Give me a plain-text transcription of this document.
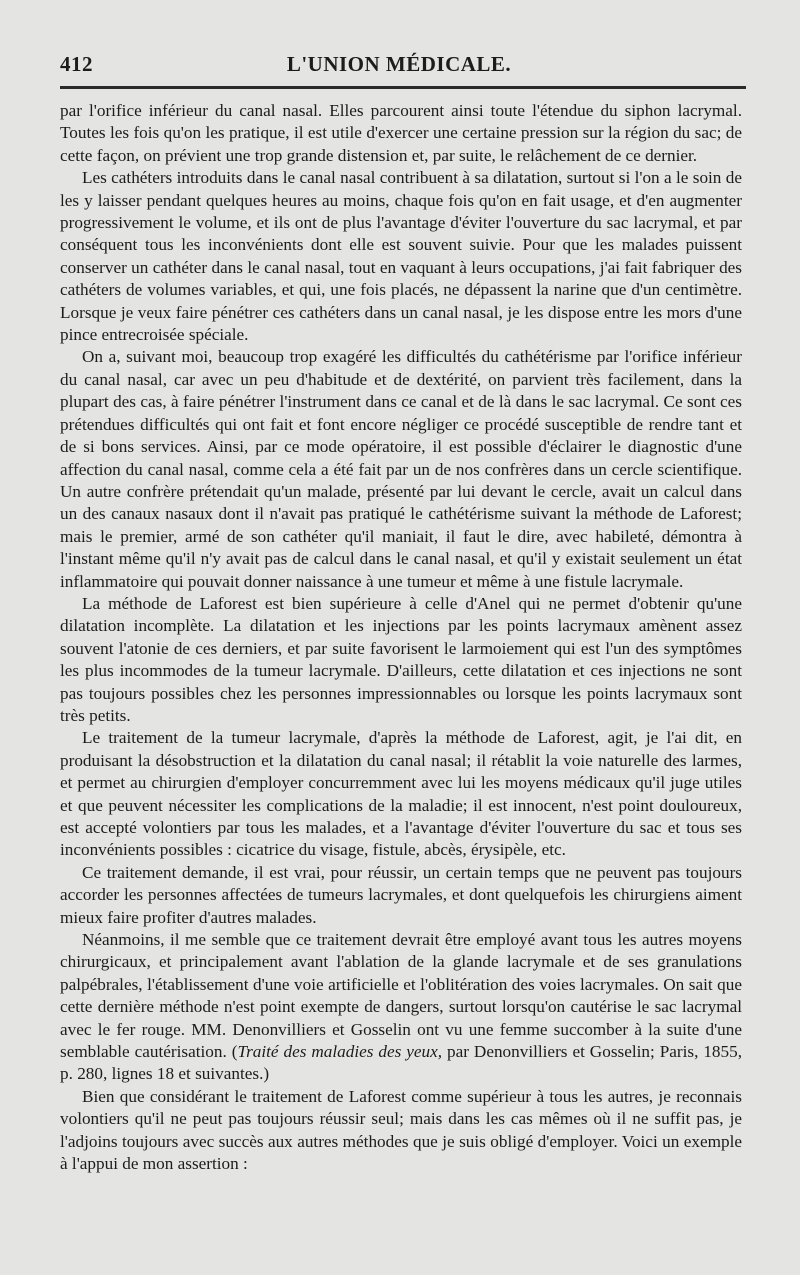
412	L'UNION MÉDICALE.

par l'orifice inférieur du canal nasal. Elles parcourent ainsi toute l'étendue du siphon lacrymal. Toutes les fois qu'on les pratique, il est utile d'exercer une certaine pression sur la région du sac; de cette façon, on prévient une trop grande distension et, par suite, le relâchement de ce dernier.

Les cathéters introduits dans le canal nasal contribuent à sa dilatation, surtout si l'on a le soin de les y laisser pendant quelques heures au moins, chaque fois qu'on en fait usage, et d'en augmenter progressivement le volume, et ils ont de plus l'avantage d'éviter l'ouverture du sac lacrymal, et par conséquent tous les inconvénients dont elle est souvent suivie. Pour que les malades puissent conserver un cathéter dans le canal nasal, tout en vaquant à leurs occupations, j'ai fait fabriquer des cathéters de volumes variables, et qui, une fois placés, ne dépassent la narine que d'un centimètre. Lorsque je veux faire pénétrer ces cathéters dans un canal nasal, je les dispose entre les mors d'une pince entrecroisée spéciale.

On a, suivant moi, beaucoup trop exagéré les difficultés du cathétérisme par l'orifice inférieur du canal nasal, car avec un peu d'habitude et de dextérité, on parvient très facilement, dans la plupart des cas, à faire pénétrer l'instrument dans ce canal et de là dans le sac lacrymal. Ce sont ces prétendues difficultés qui ont fait et font encore négliger ce procédé susceptible de rendre tant et de si bons services. Ainsi, par ce mode opératoire, il est possible d'éclairer le diagnostic d'une affection du canal nasal, comme cela a été fait par un de nos confrères dans un cercle scientifique. Un autre confrère prétendait qu'un malade, présenté par lui devant le cercle, avait un calcul dans un des canaux nasaux dont il n'avait pas pratiqué le cathétérisme suivant la méthode de Laforest; mais le premier, armé de son cathéter qu'il maniait, il faut le dire, avec habileté, démontra à l'instant même qu'il n'y avait pas de calcul dans le canal nasal, et qu'il y existait seulement un état inflammatoire qui pouvait donner naissance à une tumeur et même à une fistule lacrymale.

La méthode de Laforest est bien supérieure à celle d'Anel qui ne permet d'obtenir qu'une dilatation incomplète. La dilatation et les injections par les points lacrymaux amènent assez souvent l'atonie de ces derniers, et par suite favorisent le larmoiement qui est l'un des symptômes les plus incommodes de la tumeur lacrymale. D'ailleurs, cette dilatation et ces injections ne sont pas toujours possibles chez les personnes impressionnables ou lorsque les points lacrymaux sont très petits.

Le traitement de la tumeur lacrymale, d'après la méthode de Laforest, agit, je l'ai dit, en produisant la désobstruction et la dilatation du canal nasal; il rétablit la voie naturelle des larmes, et permet au chirurgien d'employer concurremment avec lui les moyens médicaux qu'il juge utiles et que peuvent nécessiter les complications de la maladie; il est innocent, n'est point douloureux, est accepté volontiers par tous les malades, et a l'avantage d'éviter l'ouverture du sac et tous ses inconvénients possibles : cicatrice du visage, fistule, abcès, érysipèle, etc.

Ce traitement demande, il est vrai, pour réussir, un certain temps que ne peuvent pas toujours accorder les personnes affectées de tumeurs lacrymales, et dont quelquefois les chirurgiens aiment mieux faire profiter d'autres malades.

Néanmoins, il me semble que ce traitement devrait être employé avant tous les autres moyens chirurgicaux, et principalement avant l'ablation de la glande lacrymale et de ses granulations palpébrales, l'établissement d'une voie artificielle et l'oblitération des voies lacrymales. On sait que cette dernière méthode n'est point exempte de dangers, surtout lorsqu'on cautérise le sac lacrymal avec le fer rouge. MM. Denonvilliers et Gosselin ont vu une femme succomber à la suite d'une semblable cautérisation. (Traité des maladies des yeux, par Denonvilliers et Gosselin; Paris, 1855, p. 280, lignes 18 et suivantes.)

Bien que considérant le traitement de Laforest comme supérieur à tous les autres, je reconnais volontiers qu'il ne peut pas toujours réussir seul; mais dans les cas mêmes où il ne suffit pas, je l'adjoins toujours avec succès aux autres méthodes que je suis obligé d'employer. Voici un exemple à l'appui de mon assertion :
